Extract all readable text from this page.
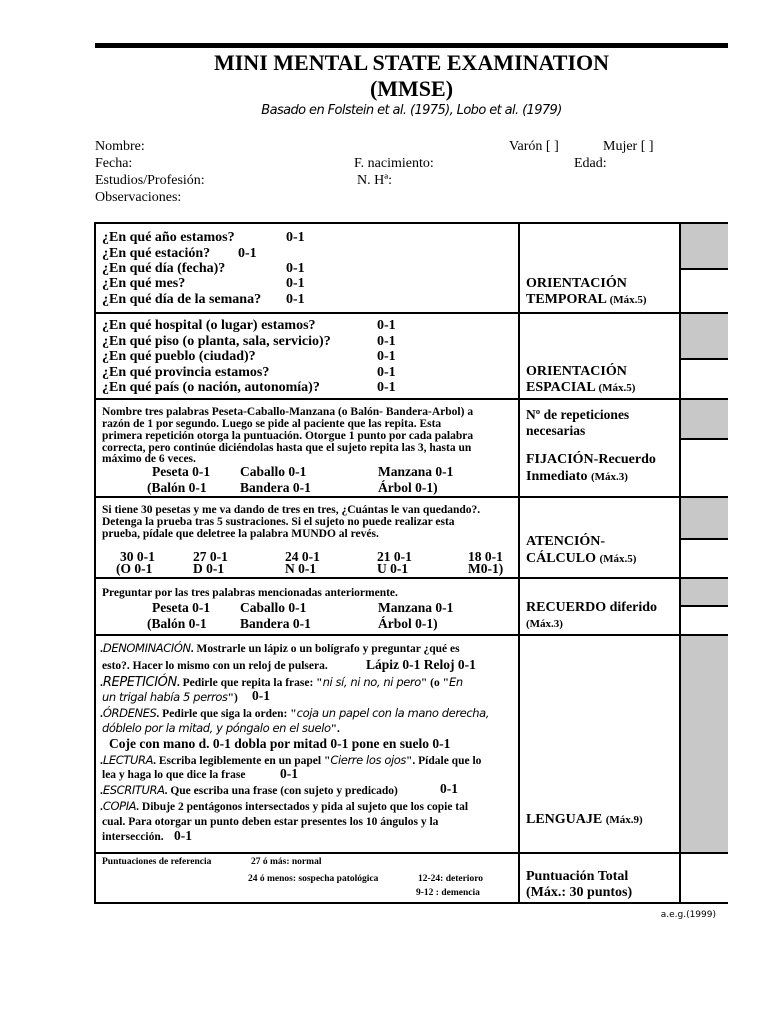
MINI MENTAL STATE EXAMINATION
(MMSE)
Basado en Folstein et al. (1975), Lobo et al. (1979)
Nombre:	Varón [ ]	Mujer [ ]
Fecha:	F. nacimiento:	Edad:
Estudios/Profesión:	N. Hª:
Observaciones:
¿En qué año estamos?	0-1
¿En qué estación? 0-1
¿En qué día (fecha)?	0-1
¿En qué mes?	0-1
¿En qué día de la semana? 0-1
ORIENTACIÓN
TEMPORAL (Máx.5)
¿En qué hospital (o lugar) estamos?	0-1
¿En qué piso (o planta, sala, servicio)?	0-1
¿En qué pueblo (ciudad)?	0-1
¿En qué provincia estamos?	0-1
¿En qué país (o nación, autonomía)?	0-1
ORIENTACIÓN
ESPACIAL (Máx.5)
Nombre tres palabras Peseta-Caballo-Manzana (o Balón- Bandera-Arbol) a
razón de 1 por segundo. Luego se pide al paciente que las repita. Esta
primera repetición otorga la puntuación. Otorgue 1 punto por cada palabra
correcta, pero continúe diciéndolas hasta que el sujeto repita las 3, hasta un
máximo de 6 veces.
Peseta 0-1 Caballo 0-1	Manzana 0-1
(Balón 0-1 Bandera 0-1	Árbol 0-1)
Nº de repeticiones
necesarias
FIJACIÓN-Recuerdo
Inmediato (Máx.3)
Si tiene 30 pesetas y me va dando de tres en tres, ¿Cuántas le van quedando?.
Detenga la prueba tras 5 sustraciones. Si el sujeto no puede realizar esta
prueba, pídale que deletree la palabra MUNDO al revés.
30 0-1	27 0-1	24 0-1	21 0-1	18 0-1
(O 0-1	D 0-1	N 0-1	U 0-1	M0-1)
ATENCIÓN-
CÁLCULO (Máx.5)
Preguntar por las tres palabras mencionadas anteriormente.
Peseta 0-1 Caballo 0-1	Manzana 0-1
(Balón 0-1 Bandera 0-1	Árbol 0-1)
RECUERDO diferido
(Máx.3)
.DENOMINACIÓN. Mostrarle un lápiz o un bolígrafo y preguntar ¿qué es
esto?. Hacer lo mismo con un reloj de pulsera.	Lápiz 0-1 Reloj 0-1
.REPETICIÓN. Pedirle que repita la frase: "ni sí, ni no, ni pero" (o "En
un trigal había 5 perros") 0-1
.ÓRDENES. Pedirle que siga la orden: "coja un papel con la mano derecha,
dóblelo por la mitad, y póngalo en el suelo".
Coje con mano d. 0-1 dobla por mitad 0-1 pone en suelo 0-1
.LECTURA. Escriba legiblemente en un papel "Cierre los ojos". Pídale que lo
lea y haga lo que dice la frase	0-1
.ESCRITURA. Que escriba una frase (con sujeto y predicado)	0-1
.COPIA. Dibuje 2 pentágonos intersectados y pida al sujeto que los copie tal
cual. Para otorgar un punto deben estar presentes los 10 ángulos y la
intersección. 0-1
LENGUAJE (Máx.9)
Puntuaciones de referencia	27 ó más: normal
24 ó menos: sospecha patológica	12-24: deterioro
9-12 : demencia
Puntuación Total
(Máx.: 30 puntos)
a.e.g.(1999)
